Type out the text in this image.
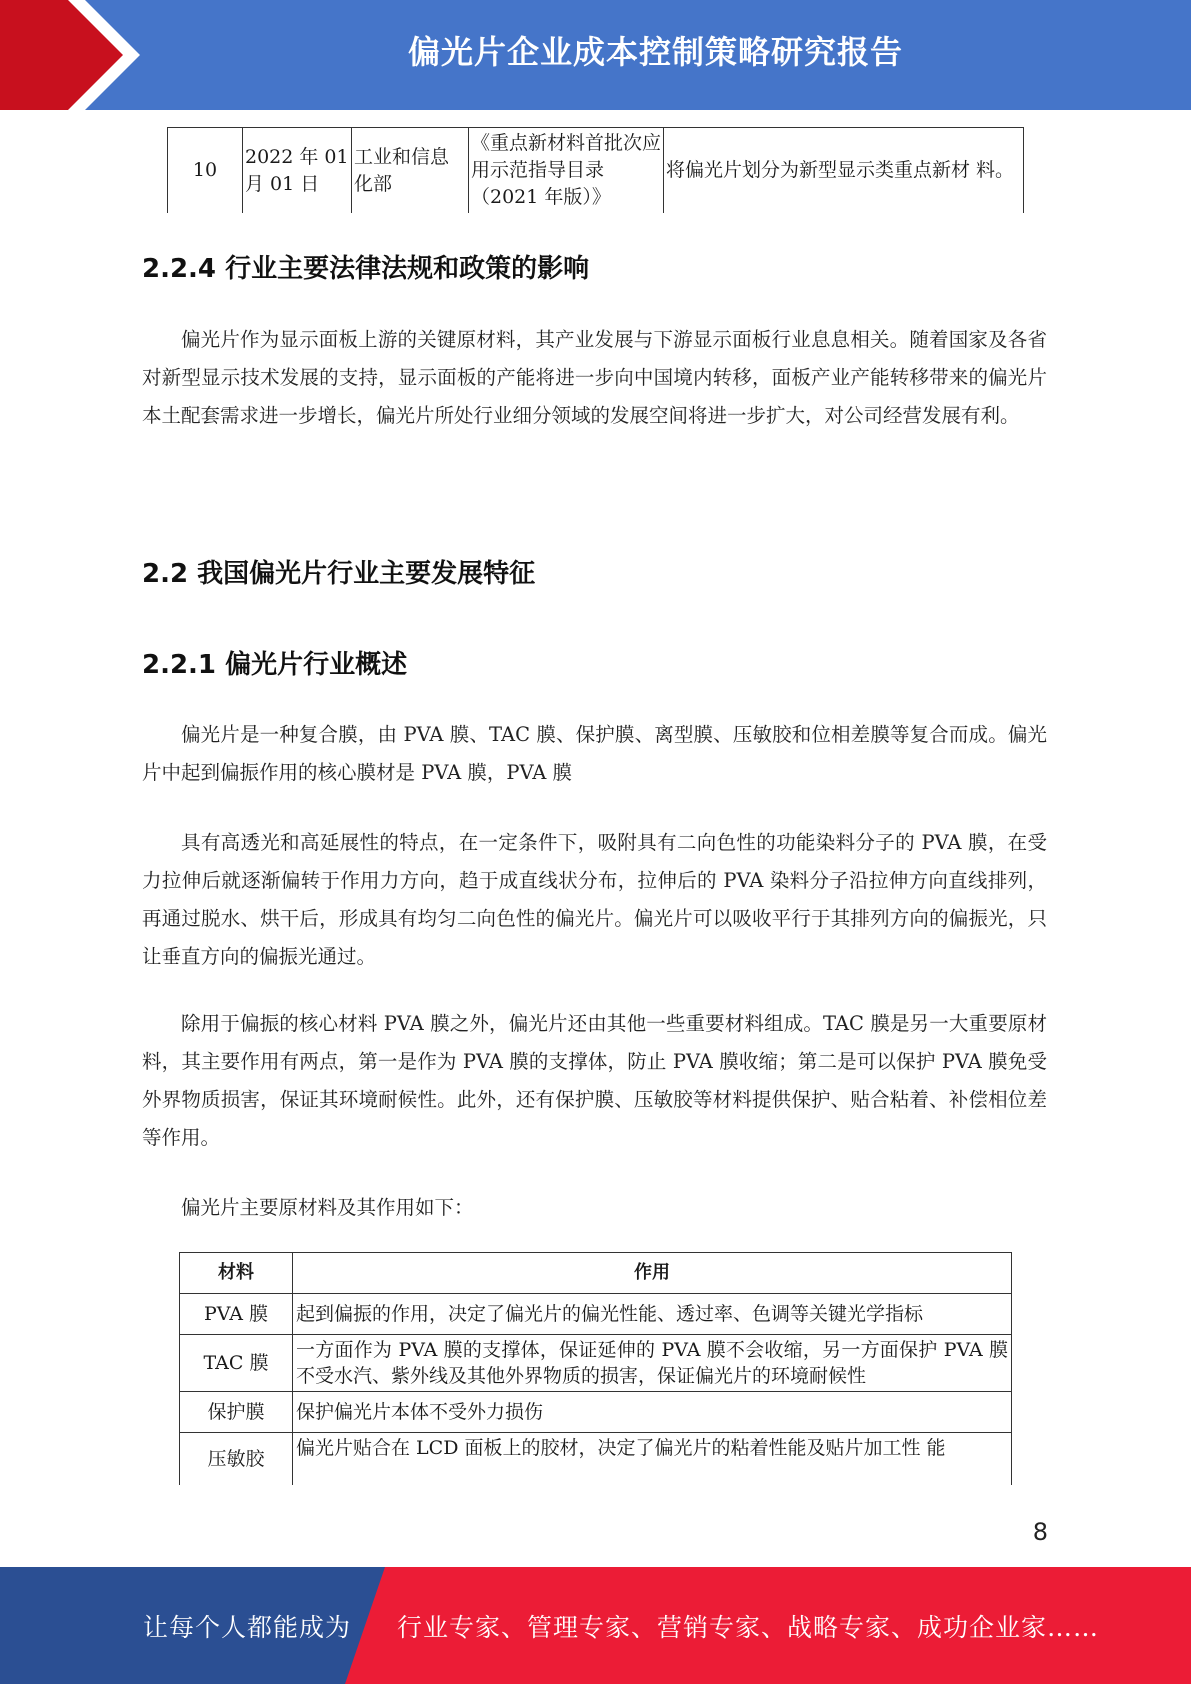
偏光片企业成本控制策略研究报告
10	2022 年 01 月 01 日	工业和信息化部	《重点新材料首批次应用示范指导目录（2021 年版）》	将偏光片划分为新型显示类重点新材 料。
2.2.4 行业主要法律法规和政策的影响

偏光片作为显示面板上游的关键原材料，其产业发展与下游显示面板行业息息相关。随着国家及各省对新型显示技术发展的支持，显示面板的产能将进一步向中国境内转移，面板产业产能转移带来的偏光片本土配套需求进一步增长，偏光片所处行业细分领域的发展空间将进一步扩大，对公司经营发展有利。

2.2 我国偏光片行业主要发展特征
2.2.1 偏光片行业概述

偏光片是一种复合膜，由 PVA 膜、TAC 膜、保护膜、离型膜、压敏胶和位相差膜等复合而成。偏光片中起到偏振作用的核心膜材是 PVA 膜，PVA 膜

具有高透光和高延展性的特点，在一定条件下，吸附具有二向色性的功能染料分子的 PVA 膜，在受力拉伸后就逐渐偏转于作用力方向，趋于成直线状分布，拉伸后的 PVA 染料分子沿拉伸方向直线排列，再通过脱水、烘干后，形成具有均匀二向色性的偏光片。偏光片可以吸收平行于其排列方向的偏振光，只让垂直方向的偏振光通过。

除用于偏振的核心材料 PVA 膜之外，偏光片还由其他一些重要材料组成。TAC 膜是另一大重要原材料，其主要作用有两点，第一是作为 PVA 膜的支撑体，防止 PVA 膜收缩；第二是可以保护 PVA 膜免受外界物质损害，保证其环境耐候性。此外，还有保护膜、压敏胶等材料提供保护、贴合粘着、补偿相位差等作用。

偏光片主要原材料及其作用如下：

材料	作用
PVA 膜	起到偏振的作用，决定了偏光片的偏光性能、透过率、色调等关键光学指标
TAC 膜	一方面作为 PVA 膜的支撑体，保证延伸的 PVA 膜不会收缩，另一方面保护 PVA 膜不受水汽、紫外线及其他外界物质的损害，保证偏光片的环境耐候性
保护膜	保护偏光片本体不受外力损伤
压敏胶	偏光片贴合在 LCD 面板上的胶材，决定了偏光片的粘着性能及贴片加工性 能
8
让每个人都能成为 行业专家、管理专家、营销专家、战略专家、成功企业家……
